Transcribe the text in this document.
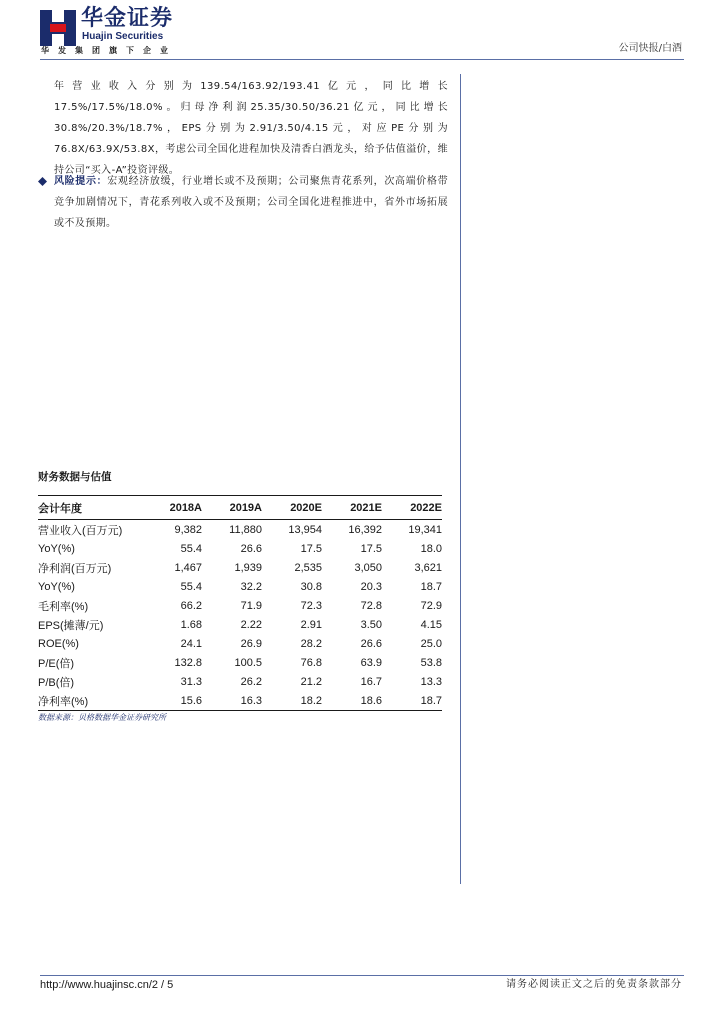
华金证券
Huajin Securities
华发集团旗下企业	公司快报/白酒
年营业收入分别为139.54/163.92/193.41亿元，同比增长17.5%/17.5%/18.0%。归母净利润25.35/30.50/36.21亿元，同比增长30.8%/20.3%/18.7%，EPS分别为2.91/3.50/4.15元，对应PE分别为76.8X/63.9X/53.8X，考虑公司全国化进程加快及清香白酒龙头，给予估值溢价，维持公司“买入-A”投资评级。
风险提示：宏观经济放缓，行业增长或不及预期；公司聚焦青花系列，次高端价格带竞争加剧情况下，青花系列收入或不及预期；公司全国化进程推进中，省外市场拓展或不及预期。
财务数据与估值
会计年度	2018A	2019A	2020E	2021E	2022E
营业收入(百万元)	9,382	11,880	13,954	16,392	19,341
YoY(%)	55.4	26.6	17.5	17.5	18.0
净利润(百万元)	1,467	1,939	2,535	3,050	3,621
YoY(%)	55.4	32.2	30.8	20.3	18.7
毛利率(%)	66.2	71.9	72.3	72.8	72.9
EPS(摊薄/元)	1.68	2.22	2.91	3.50	4.15
ROE(%)	24.1	26.9	28.2	26.6	25.0
P/E(倍)	132.8	100.5	76.8	63.9	53.8
P/B(倍)	31.3	26.2	21.2	16.7	13.3
净利率(%)	15.6	16.3	18.2	18.6	18.7
数据来源：贝格数据华金证券研究所
http://www.huajinsc.cn/2 / 5	请务必阅读正文之后的免责条款部分
